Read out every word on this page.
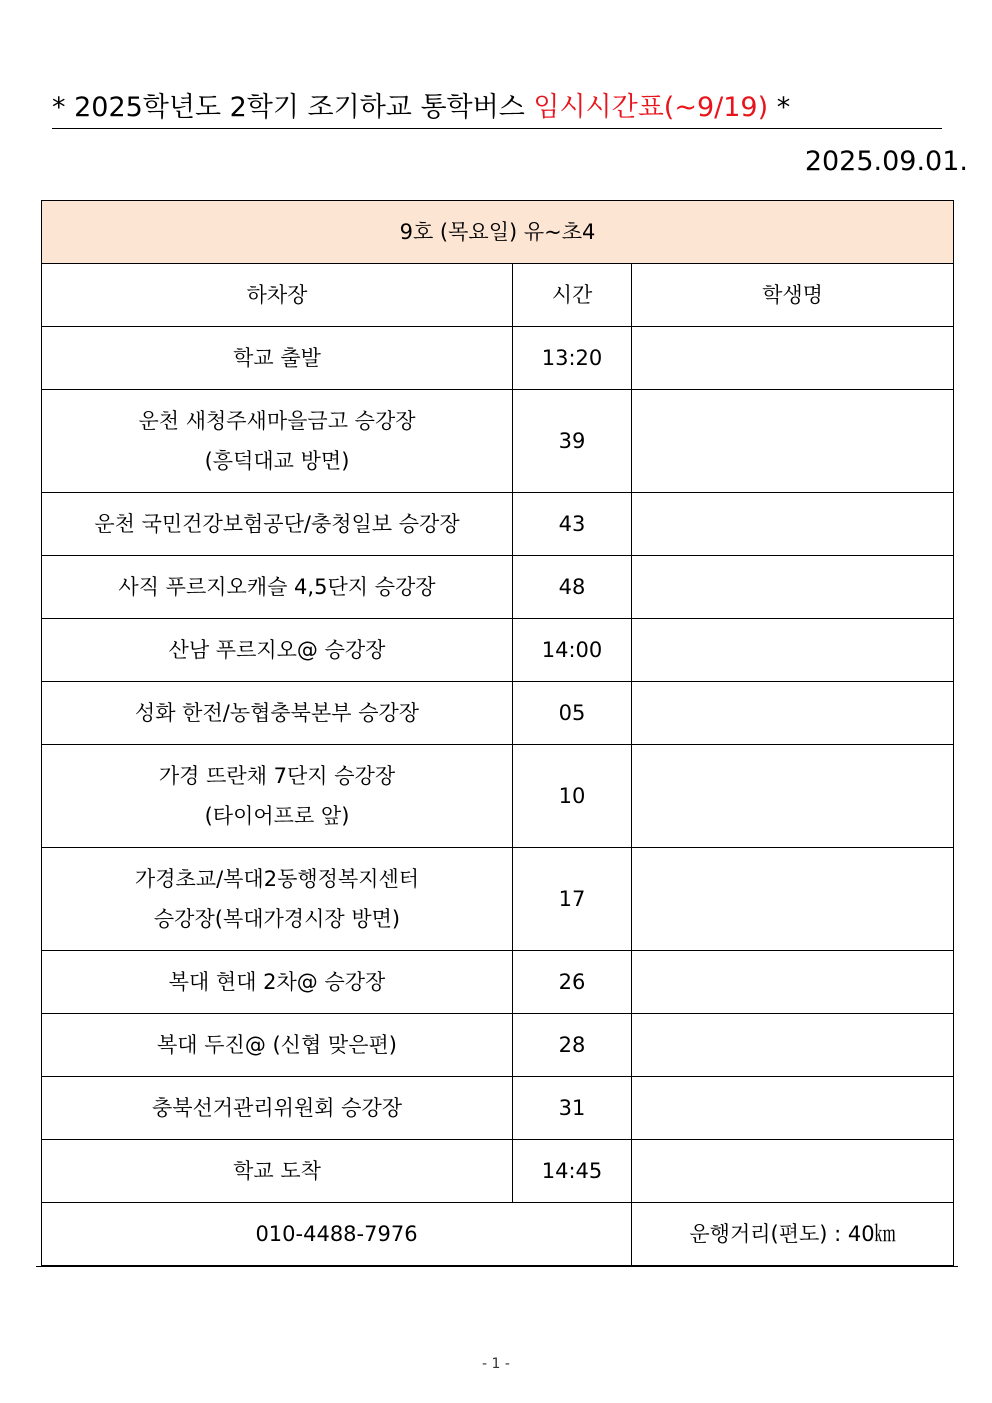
* 2025학년도 2학기 조기하교 통학버스 임시시간표(~9/19) *
2025.09.01.
9호 (목요일) 유~초4		
하차장	시간	학생명

학교 출발	13:20	

운천 새청주새마을금고 승강장
(흥덕대교 방면)	39	

운천 국민건강보험공단/충청일보 승강장	43	

사직 푸르지오캐슬 4,5단지 승강장	48	

산남 푸르지오@ 승강장	14:00	

성화 한전/농협충북본부 승강장	05	

가경 뜨란채 7단지 승강장
(타이어프로 앞)	10	

가경초교/복대2동행정복지센터
승강장(복대가경시장 방면)	17	

복대 현대 2차@ 승강장	26	

복대 두진@ (신협 맞은편)	28	

충북선거관리위원회 승강장	31	

학교 도착	14:45	
010-4488-7976		운행거리(편도) : 40㎞
- 1 -
